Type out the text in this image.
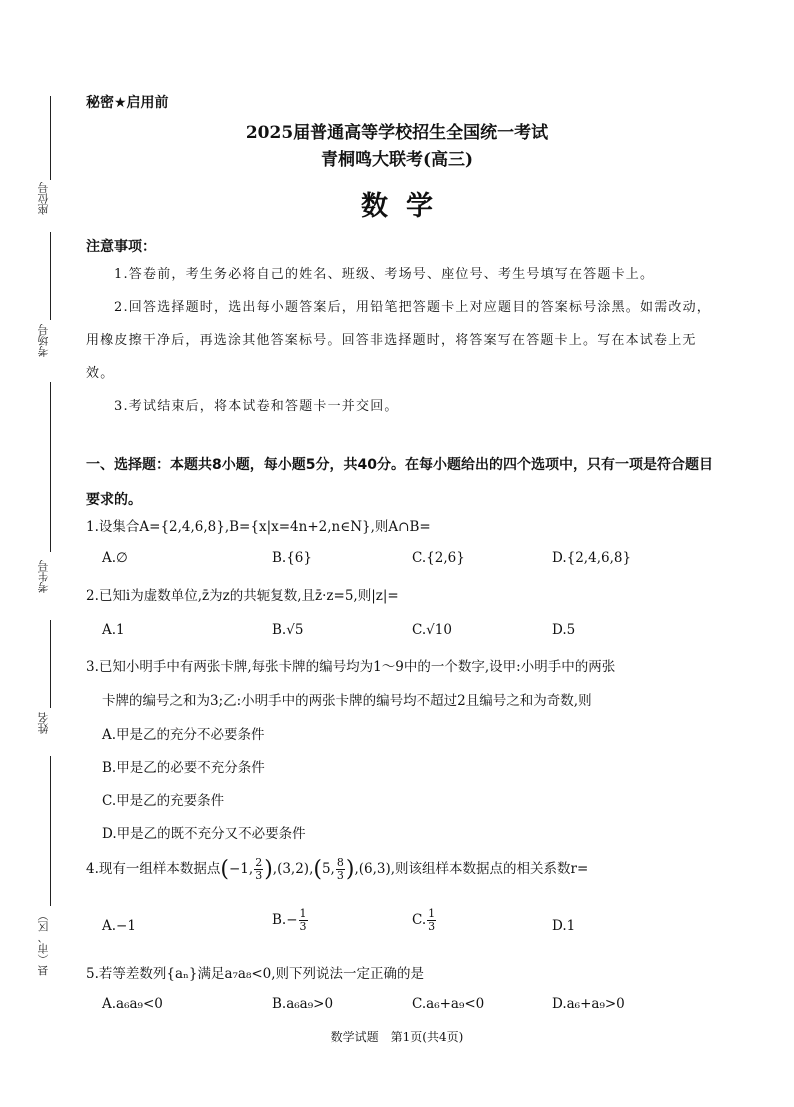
座位号
考场号
考生号
姓名
县（市、区）
秘密★启用前
2025届普通高等学校招生全国统一考试
青桐鸣大联考(高三)
数学
注意事项：
1.答卷前，考生务必将自己的姓名、班级、考场号、座位号、考生号填写在答题卡上。
2.回答选择题时，选出每小题答案后，用铅笔把答题卡上对应题目的答案标号涂黑。如需改动，用橡皮擦干净后，再选涂其他答案标号。回答非选择题时，将答案写在答题卡上。写在本试卷上无效。
3.考试结束后，将本试卷和答题卡一并交回。
一、选择题：本题共8小题，每小题5分，共40分。在每小题给出的四个选项中，只有一项是符合题目要求的。
1.设集合A={2,4,6,8},B={x|x=4n+2,n∈N},则A∩B=
A.∅	B.{6}	C.{2,6}	D.{2,4,6,8}
2.已知i为虚数单位,z̄为z的共轭复数,且z̄·z=5,则|z|=
A.1	B.√5	C.√10	D.5
3.已知小明手中有两张卡牌,每张卡牌的编号均为1～9中的一个数字,设甲:小明手中的两张
卡牌的编号之和为3;乙:小明手中的两张卡牌的编号均不超过2且编号之和为奇数,则
A.甲是乙的充分不必要条件
B.甲是乙的必要不充分条件
C.甲是乙的充要条件
D.甲是乙的既不充分又不必要条件
4.现有一组样本数据点(−1, $\frac{2}{3} ),(3,2),(5$, $\frac{8}{3} ),(6,3)$,则该组样本数据点的相关系数r=
A.−1	$B.- \frac{1}{3}$	C. $\frac{1}{3}$	D.1
5.若等差数列{aₙ}满足a₇a₈<0,则下列说法一定正确的是
A.a₆a₉<0	B.a₆a₉>0	C.a₆+a₉<0	D.a₆+a₉>0
数学试题　第1页(共4页)
